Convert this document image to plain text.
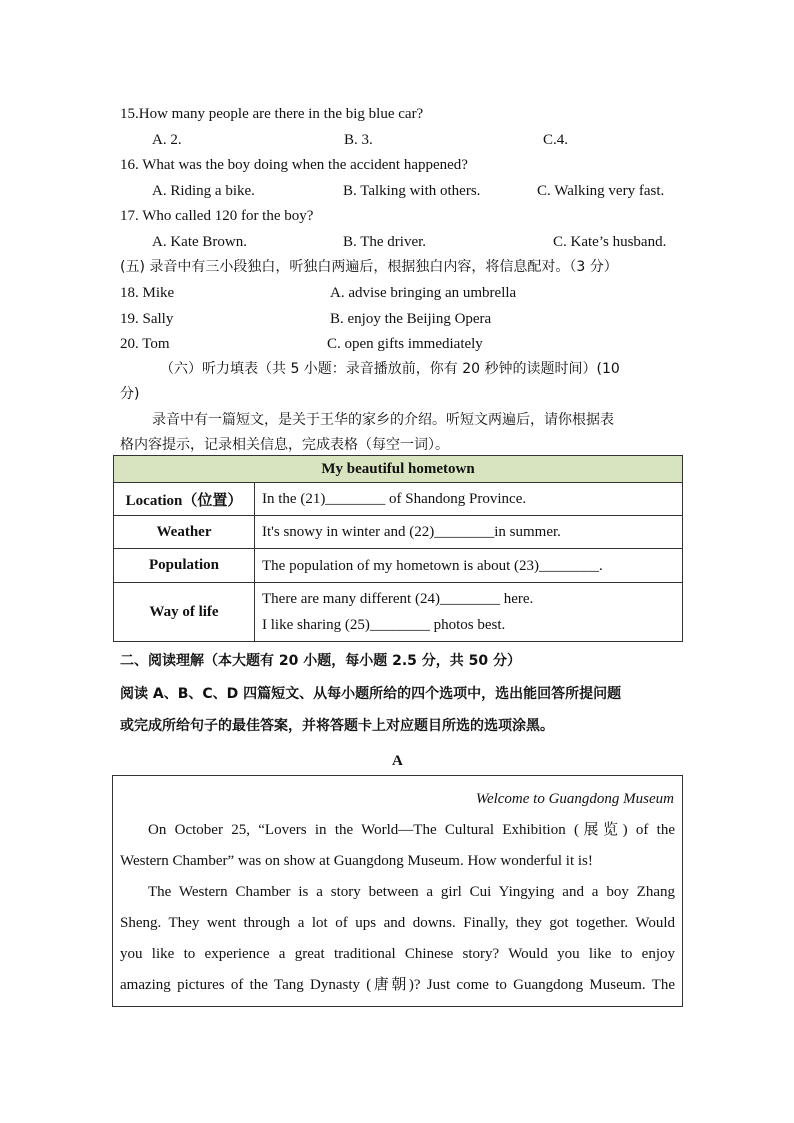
15.How many people are there in the big blue car?
A. 2.	B. 3.	C.4.
16. What was the boy doing when the accident happened?
A. Riding a bike.	B. Talking with others.	C. Walking very fast.
17. Who called 120 for the boy?
A. Kate Brown.	B. The driver.	C. Kate’s husband.
(五) 录音中有三小段独白，听独白两遍后，根据独白内容，将信息配对。（3 分）
18. Mike	A. advise bringing an umbrella
19. Sally	B. enjoy the Beijing Opera
20. Tom	C. open gifts immediately
（六）听力填表（共 5 小题：录音播放前，你有 20 秒钟的读题时间）(10
分)
录音中有一篇短文，是关于王华的家乡的介绍。听短文两遍后，请你根据表
格内容提示，记录相关信息，完成表格（每空一词）。
My beautiful hometown	
Location（位置）	In the (21)________ of Shandong Province.

Weather	It's snowy in winter and (22)________in summer.

Population	The population of my hometown is about (23)________.

Way of life	There are many different (24)________ here.
I like sharing (25)________ photos best.
二、阅读理解（本大题有 20 小题，每小题 2.5 分，共 50 分）
阅读 A、B、C、D 四篇短文、从每小题所给的四个选项中，选出能回答所提问题
或完成所给句子的最佳答案，并将答题卡上对应题目所选的选项涂黑。
A
Welcome to Guangdong Museum
On October 25, “Lovers in the World—The Cultural Exhibition (展览) of the
Western Chamber” was on show at Guangdong Museum. How wonderful it is!
The Western Chamber is a story between a girl Cui Yingying and a boy Zhang
Sheng. They went through a lot of ups and downs. Finally, they got together. Would
you like to experience a great traditional Chinese story? Would you like to enjoy
amazing pictures of the Tang Dynasty (唐朝)? Just come to Guangdong Museum. The
